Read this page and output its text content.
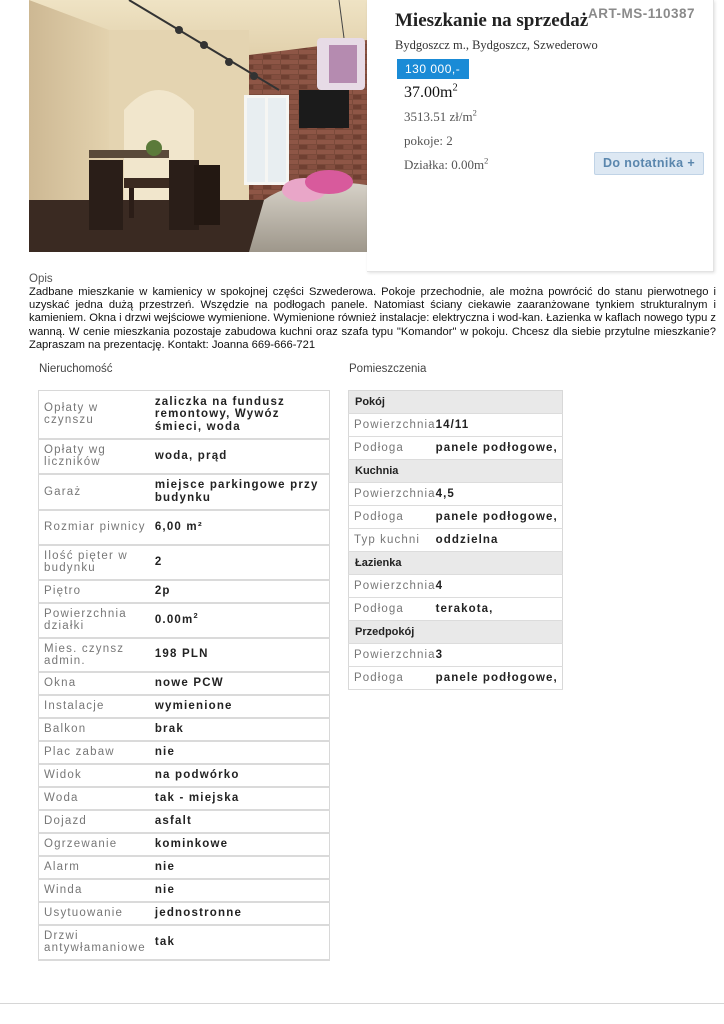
ART-MS-110387
Mieszkanie na sprzedaż
Bydgoszcz m., Bydgoszcz, Szwederowo
130 000,-
$37.00m^2$
3513.51 $zł/m^2$
pokoje: 2
Działka: $0.00m^2$	Do notatnika +
Opis

Zadbane mieszkanie w kamienicy w spokojnej części Szwederowa. Pokoje przechodnie, ale można powrócić do stanu pierwotnego i uzyskać jedna dużą przestrzeń. Wszędzie na podłogach panele. Natomiast ściany ciekawie zaaranżowane tynkiem strukturalnym i kamieniem. Okna i drzwi wejściowe wymienione. Wymienione również instalacje: elektryczna i wod-kan. Łazienka w kaflach nowego typu z wanną. W cenie mieszkania pozostaje zabudowa kuchni oraz szafa typu "Komandor" w pokoju. Chcesz dla siebie przytulne mieszkanie? Zapraszam na prezentację. Kontakt: Joanna 669-666-721

Nieruchomość	Pomieszczenia
Opłaty w czynszu	zaliczka na fundusz remontowy, Wywóz śmieci, woda
Opłaty wg liczników	woda, prąd
Garaż	miejsce parkingowe przy budynku
Rozmiar piwnicy	6,00 m²
Ilość pięter w budynku	2
Piętro	2p
Powierzchnia działki	$0.00m^2$
Mies. czynsz admin.	198 PLN
Okna	nowe PCW
Instalacje	wymienione
Balkon	brak
Plac zabaw	nie
Widok	na podwórko
Woda	tak - miejska
Dojazd	asfalt
Ogrzewanie	kominkowe
Alarm	nie
Winda	nie
Usytuowanie	jednostronne
Drzwi antywłamaniowe	tak
Pokój	
Powierzchnia	14/11
Podłoga	panele podłogowe,
Kuchnia	
Powierzchnia	4,5
Podłoga	panele podłogowe,
Typ kuchni	oddzielna
Łazienka	
Powierzchnia	4
Podłoga	terakota,
Przedpokój	
Powierzchnia	3
Podłoga	panele podłogowe,
